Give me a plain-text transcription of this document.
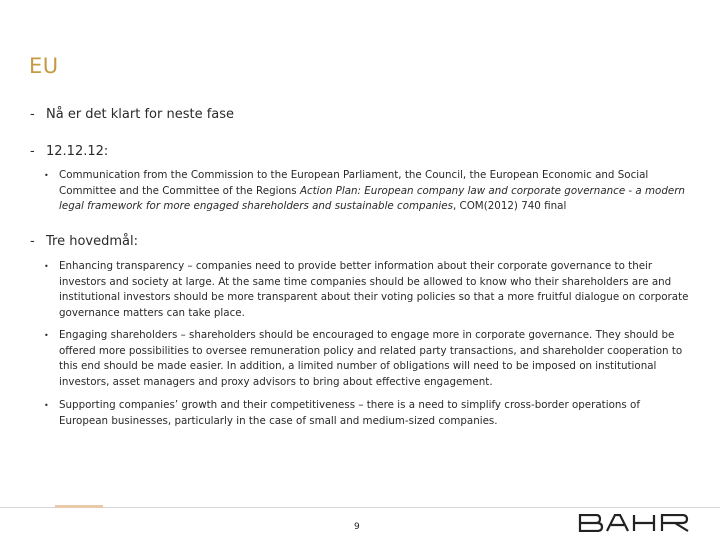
EU
- Nå er det klart for neste fase
- 12.12.12:
• Communication from the Commission to the European Parliament, the Council, the European Economic and Social Committee and the Committee of the Regions Action Plan: European company law and corporate governance - a modern legal framework for more engaged shareholders and sustainable companies, COM(2012) 740 final
- Tre hovedmål:
• Enhancing transparency – companies need to provide better information about their corporate governance to their investors and society at large. At the same time companies should be allowed to know who their shareholders are and institutional investors should be more transparent about their voting policies so that a more fruitful dialogue on corporate governance matters can take place.
• Engaging shareholders – shareholders should be encouraged to engage more in corporate governance. They should be offered more possibilities to oversee remuneration policy and related party transactions, and shareholder cooperation to this end should be made easier. In addition, a limited number of obligations will need to be imposed on institutional investors, asset managers and proxy advisors to bring about effective engagement.
• Supporting companies’ growth and their competitiveness – there is a need to simplify cross-border operations of European businesses, particularly in the case of small and medium-sized companies.
9
